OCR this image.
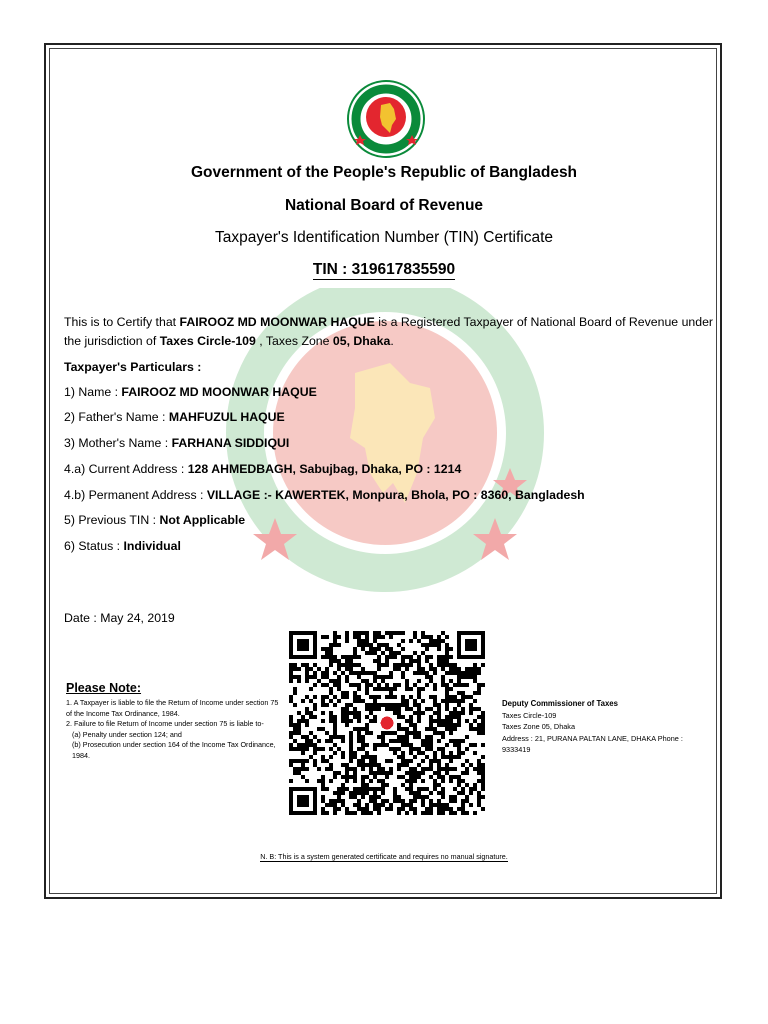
Government of the People's Republic of Bangladesh
National Board of Revenue
Taxpayer's Identification Number (TIN) Certificate
TIN : 319617835590
This is to Certify that FAIROOZ MD MOONWAR HAQUE is a Registered Taxpayer of National Board of Revenue under the jurisdiction of Taxes Circle-109 , Taxes Zone 05, Dhaka.
Taxpayer's Particulars :
1) Name : FAIROOZ MD MOONWAR HAQUE
2) Father's Name : MAHFUZUL HAQUE
3) Mother's Name : FARHANA SIDDIQUI
4.a) Current Address : 128 AHMEDBAGH, Sabujbag, Dhaka, PO : 1214
4.b) Permanent Address : VILLAGE :- KAWERTEK, Monpura, Bhola, PO : 8360, Bangladesh
5) Previous TIN : Not Applicable
6) Status : Individual
Date : May 24, 2019
Please Note:
1. A Taxpayer is liable to file the Return of Income under section 75 of the Income Tax Ordinance, 1984.
2. Failure to file Return of Income under section 75 is liable to-
(a) Penalty under section 124; and
(b) Prosecution under section 164 of the Income Tax Ordinance, 1984.
Deputy Commissioner of Taxes
Taxes Circle-109
Taxes Zone 05, Dhaka
Address : 21, PURANA PALTAN LANE, DHAKA Phone : 9333419
N. B: This is a system generated certificate and requires no manual signature.
